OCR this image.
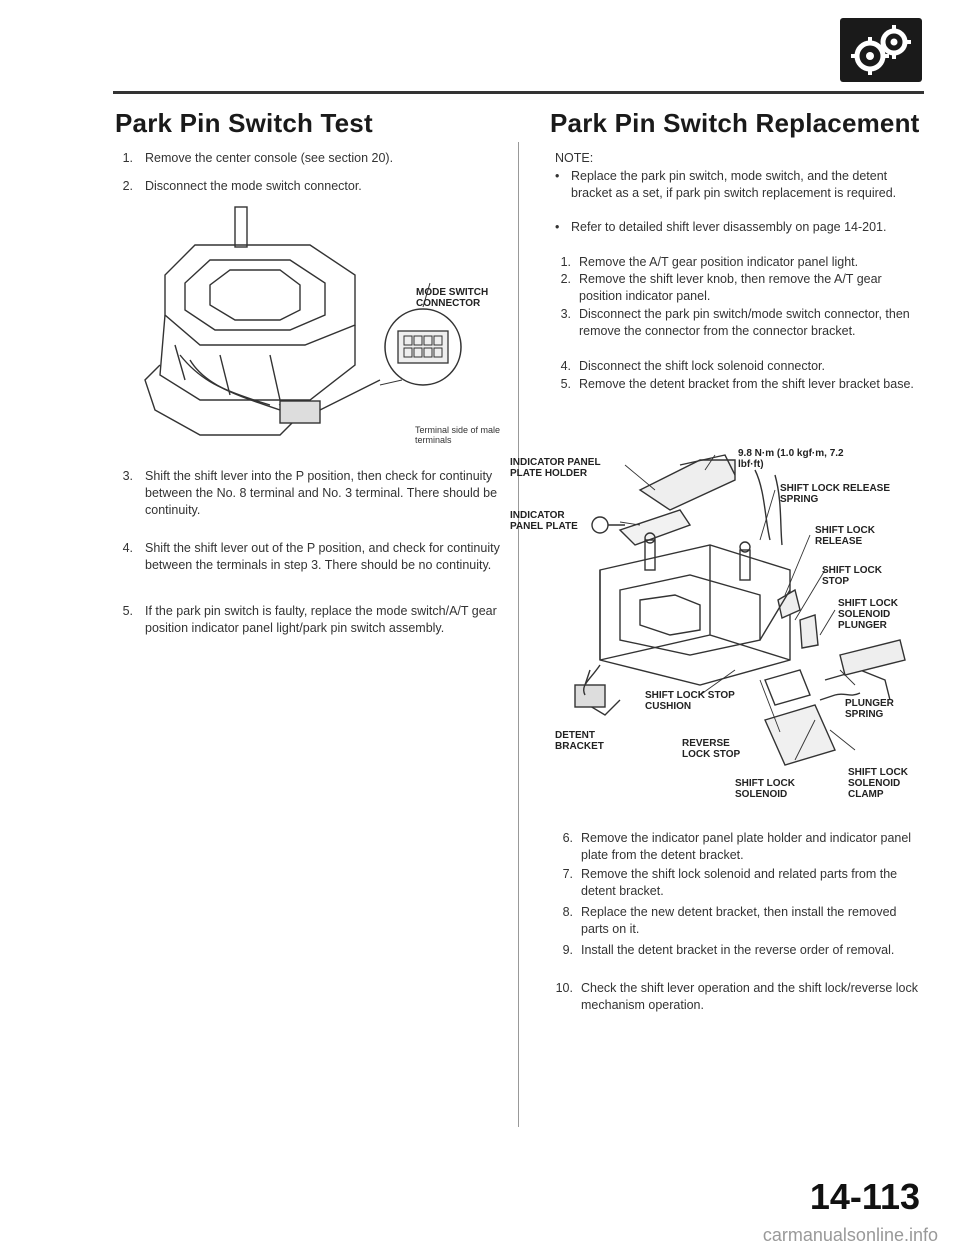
Park Pin Switch Test
1. Remove the center console (see section 20).
2. Disconnect the mode switch connector.
MODE SWITCH CONNECTOR
Terminal side of male terminals
3. Shift the shift lever into the P position, then check for continuity between the No. 8 terminal and No. 3 terminal. There should be continuity.
4. Shift the shift lever out of the P position, and check for continuity between the terminals in step 3. There should be no continuity.
5. If the park pin switch is faulty, replace the mode switch/A/T gear position indicator panel light/park pin switch assembly.
Park Pin Switch Replacement
NOTE:
• Replace the park pin switch, mode switch, and the detent bracket as a set, if park pin switch replacement is required.
• Refer to detailed shift lever disassembly on page 14-201.
1. Remove the A/T gear position indicator panel light.
2. Remove the shift lever knob, then remove the A/T gear position indicator panel.
3. Disconnect the park pin switch/mode switch connector, then remove the connector from the connector bracket.
4. Disconnect the shift lock solenoid connector.
5. Remove the detent bracket from the shift lever bracket base.
INDICATOR PANEL PLATE HOLDER
9.8 N·m (1.0 kgf·m, 7.2 lbf·ft)
INDICATOR PANEL PLATE
SHIFT LOCK RELEASE SPRING
SHIFT LOCK RELEASE
SHIFT LOCK STOP
SHIFT LOCK SOLENOID PLUNGER
SHIFT LOCK STOP CUSHION	PLUNGER SPRING
DETENT BRACKET	REVERSE LOCK STOP
SHIFT LOCK SOLENOID
SHIFT LOCK SOLENOID CLAMP
6. Remove the indicator panel plate holder and indicator panel plate from the detent bracket.
7. Remove the shift lock solenoid and related parts from the detent bracket.
8. Replace the new detent bracket, then install the removed parts on it.
9. Install the detent bracket in the reverse order of removal.
10. Check the shift lever operation and the shift lock/reverse lock mechanism operation.
14-113
carmanualsonline.info
